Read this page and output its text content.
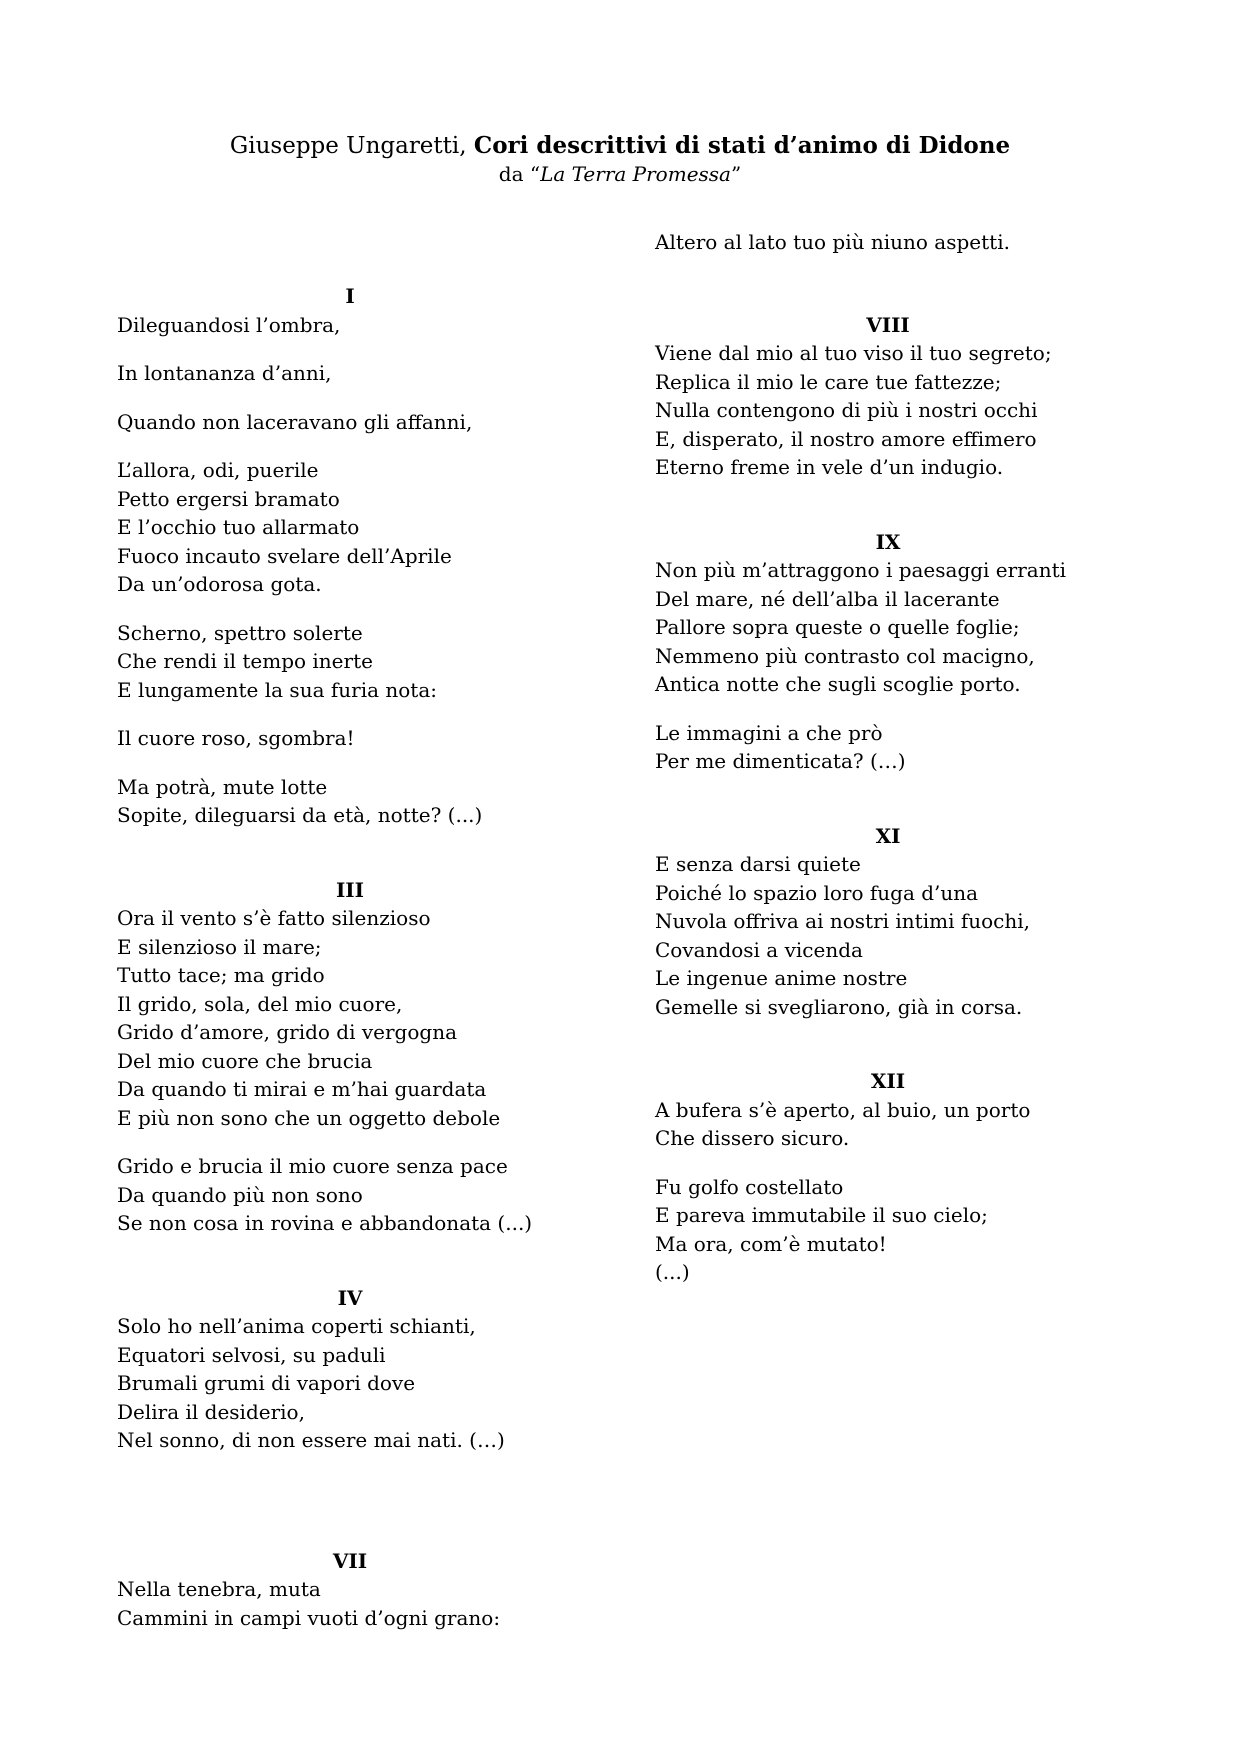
Giuseppe Ungaretti, Cori descrittivi di stati d’animo di Didone
da “La Terra Promessa”
I
Dileguandosi l’ombra,
In lontananza d’anni,
Quando non laceravano gli affanni,
L’allora, odi, puerile
Petto ergersi bramato
E l’occhio tuo allarmato
Fuoco incauto svelare dell’Aprile
Da un’odorosa gota.
Scherno, spettro solerte
Che rendi il tempo inerte
E lungamente la sua furia nota:
Il cuore roso, sgombra!
Ma potrà, mute lotte
Sopite, dileguarsi da età, notte? (...)
III
Ora il vento s’è fatto silenzioso
E silenzioso il mare;
Tutto tace; ma grido
Il grido, sola, del mio cuore,
Grido d’amore, grido di vergogna
Del mio cuore che brucia
Da quando ti mirai e m’hai guardata
E più non sono che un oggetto debole
Grido e brucia il mio cuore senza pace
Da quando più non sono
Se non cosa in rovina e abbandonata (...)
IV
Solo ho nell’anima coperti schianti,
Equatori selvosi, su paduli
Brumali grumi di vapori dove
Delira il desiderio,
Nel sonno, di non essere mai nati. (…)
VII
Nella tenebra, muta
Cammini in campi vuoti d’ogni grano:
Altero al lato tuo più niuno aspetti.
VIII
Viene dal mio al tuo viso il tuo segreto;
Replica il mio le care tue fattezze;
Nulla contengono di più i nostri occhi
E, disperato, il nostro amore effimero
Eterno freme in vele d’un indugio.
IX
Non più m’attraggono i paesaggi erranti
Del mare, né dell’alba il lacerante
Pallore sopra queste o quelle foglie;
Nemmeno più contrasto col macigno,
Antica notte che sugli scoglie porto.
Le immagini a che prò
Per me dimenticata? (…)
XI
E senza darsi quiete
Poiché lo spazio loro fuga d’una
Nuvola offriva ai nostri intimi fuochi,
Covandosi a vicenda
Le ingenue anime nostre
Gemelle si svegliarono, già in corsa.
XII
A bufera s’è aperto, al buio, un porto
Che dissero sicuro.
Fu golfo costellato
E pareva immutabile il suo cielo;
Ma ora, com’è mutato!
(...)
